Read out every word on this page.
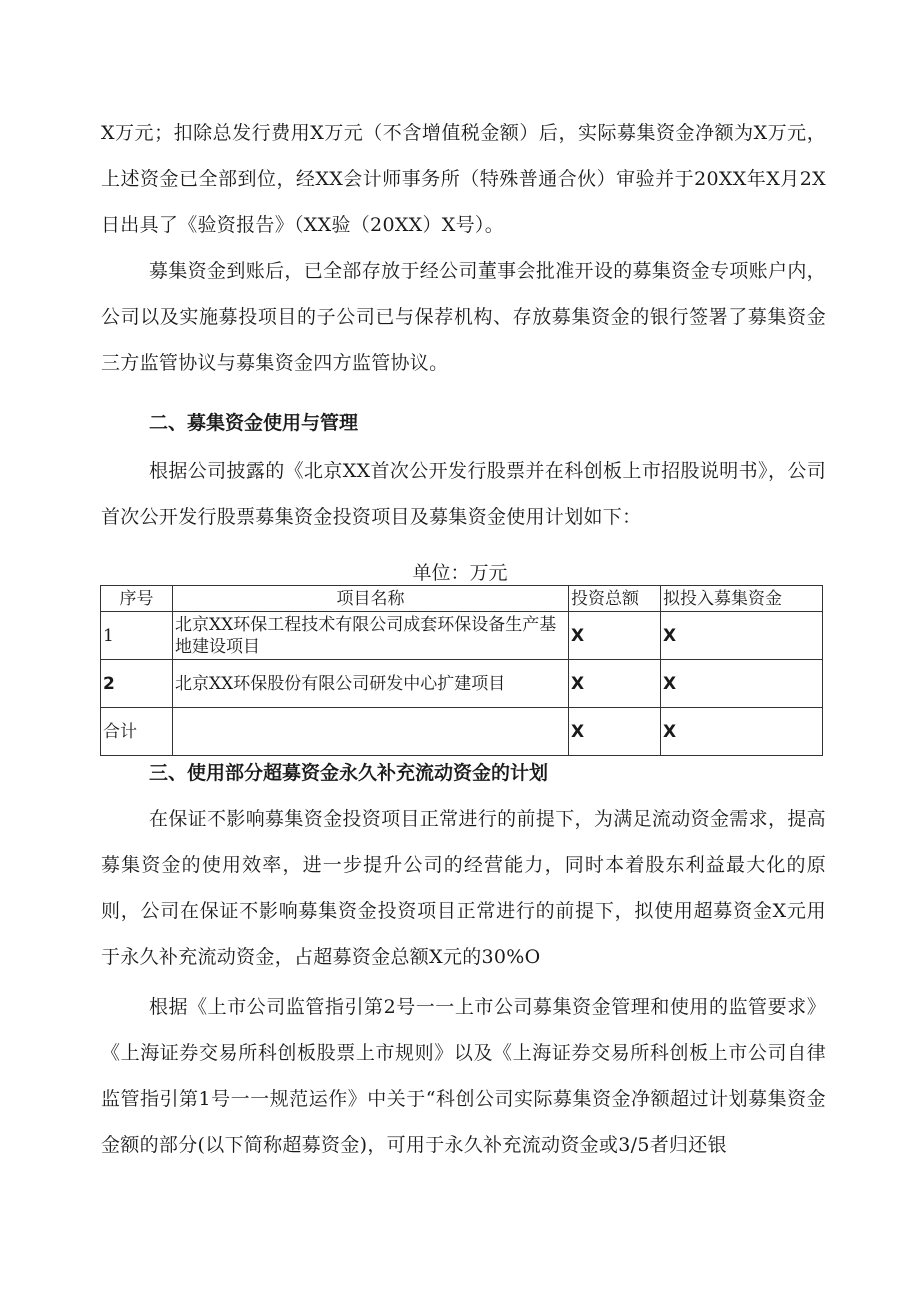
X万元；扣除总发行费用X万元（不含增值税金额）后，实际募集资金净额为X万元，上述资金已全部到位，经XX会计师事务所（特殊普通合伙）审验并于20XX年X月2X日出具了《验资报告》（XX验（20XX）X号）。

募集资金到账后，已全部存放于经公司董事会批准开设的募集资金专项账户内，公司以及实施募投项目的子公司已与保荐机构、存放募集资金的银行签署了募集资金三方监管协议与募集资金四方监管协议。

二、募集资金使用与管理

根据公司披露的《北京XX首次公开发行股票并在科创板上市招股说明书》，公司首次公开发行股票募集资金投资项目及募集资金使用计划如下：

单位：万元
序号	项目名称	投资总额	拟投入募集资金
1	北京XX环保工程技术有限公司成套环保设备生产基地建设项目	X	X
2	北京XX环保股份有限公司研发中心扩建项目	X	X
合计		X	X

三、使用部分超募资金永久补充流动资金的计划

在保证不影响募集资金投资项目正常进行的前提下，为满足流动资金需求，提高募集资金的使用效率，进一步提升公司的经营能力，同时本着股东利益最大化的原则，公司在保证不影响募集资金投资项目正常进行的前提下，拟使用超募资金X元用于永久补充流动资金，占超募资金总额X元的30%O

根据《上市公司监管指引第2号一一上市公司募集资金管理和使用的监管要求》《上海证券交易所科创板股票上市规则》以及《上海证券交易所科创板上市公司自律监管指引第1号一一规范运作》中关于“科创公司实际募集资金净额超过计划募集资金金额的部分(以下简称超募资金)，可用于永久补充流动资金或3/5者归还银
